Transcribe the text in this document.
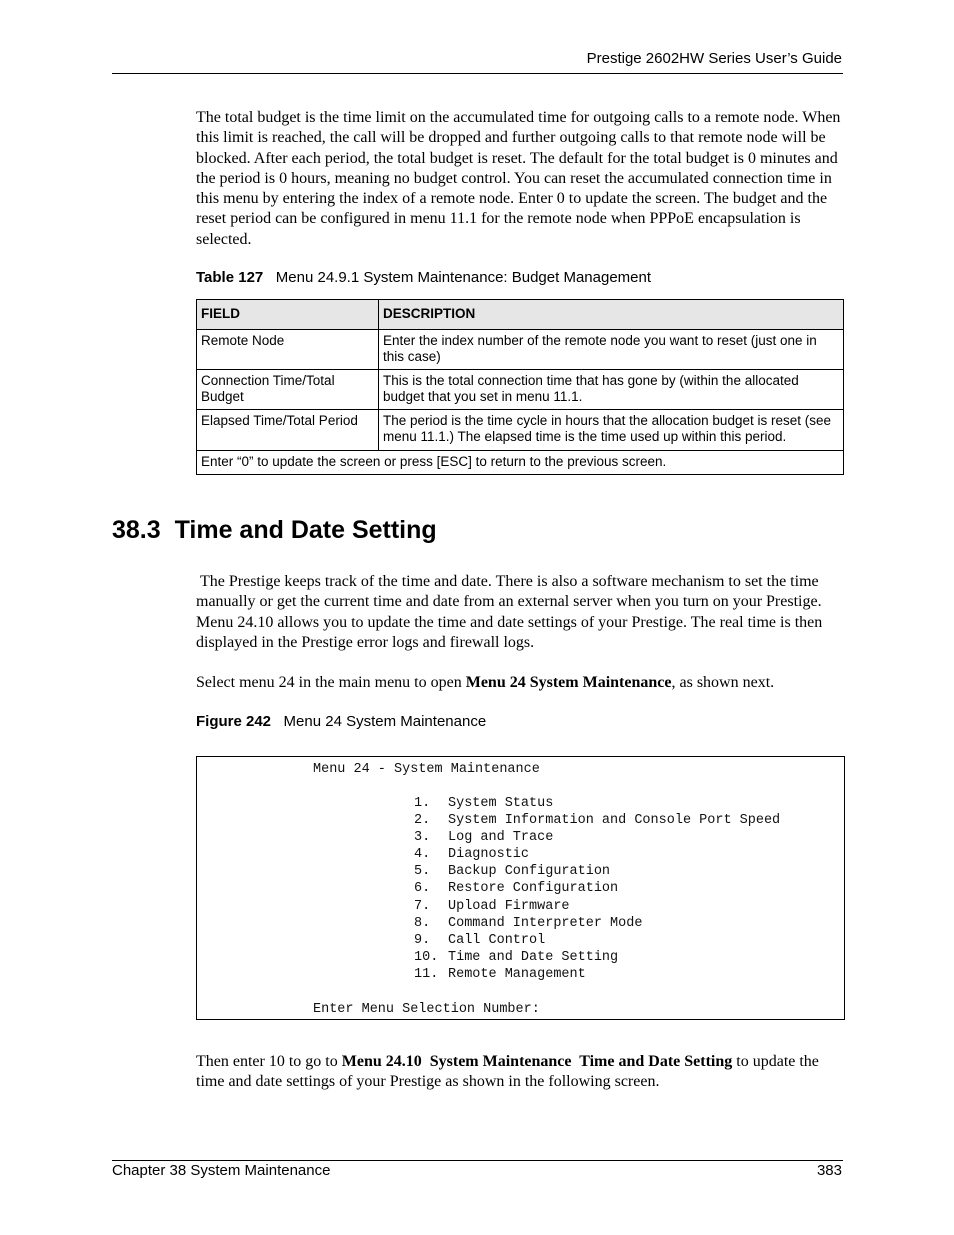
Prestige 2602HW Series User’s Guide
The total budget is the time limit on the accumulated time for outgoing calls to a remote node. When this limit is reached, the call will be dropped and further outgoing calls to that remote node will be blocked. After each period, the total budget is reset. The default for the total budget is 0 minutes and the period is 0 hours, meaning no budget control. You can reset the accumulated connection time in this menu by entering the index of a remote node. Enter 0 to update the screen. The budget and the reset period can be configured in menu 11.1 for the remote node when PPPoE encapsulation is selected.
Table 127 Menu 24.9.1 System Maintenance: Budget Management
FIELD	DESCRIPTION
Remote Node	Enter the index number of the remote node you want to reset (just one in this case)
Connection Time/Total Budget	This is the total connection time that has gone by (within the allocated budget that you set in menu 11.1.
Elapsed Time/Total Period	The period is the time cycle in hours that the allocation budget is reset (see menu 11.1.) The elapsed time is the time used up within this period.
Enter “0” to update the screen or press [ESC] to return to the previous screen.	
38.3 Time and Date Setting
The Prestige keeps track of the time and date. There is also a software mechanism to set the time manually or get the current time and date from an external server when you turn on your Prestige. Menu 24.10 allows you to update the time and date settings of your Prestige. The real time is then displayed in the Prestige error logs and firewall logs.
Select menu 24 in the main menu to open Menu 24 System Maintenance, as shown next.
Figure 242 Menu 24 System Maintenance
Menu 24 - System Maintenance
1. System Status
2. System Information and Console Port Speed
3. Log and Trace
4. Diagnostic
5. Backup Configuration
6. Restore Configuration
7. Upload Firmware
8. Command Interpreter Mode
9. Call Control
10. Time and Date Setting
11. Remote Management
Enter Menu Selection Number:
Then enter 10 to go to Menu 24.10  System Maintenance  Time and Date Setting to update the time and date settings of your Prestige as shown in the following screen.
Chapter 38 System Maintenance	383
